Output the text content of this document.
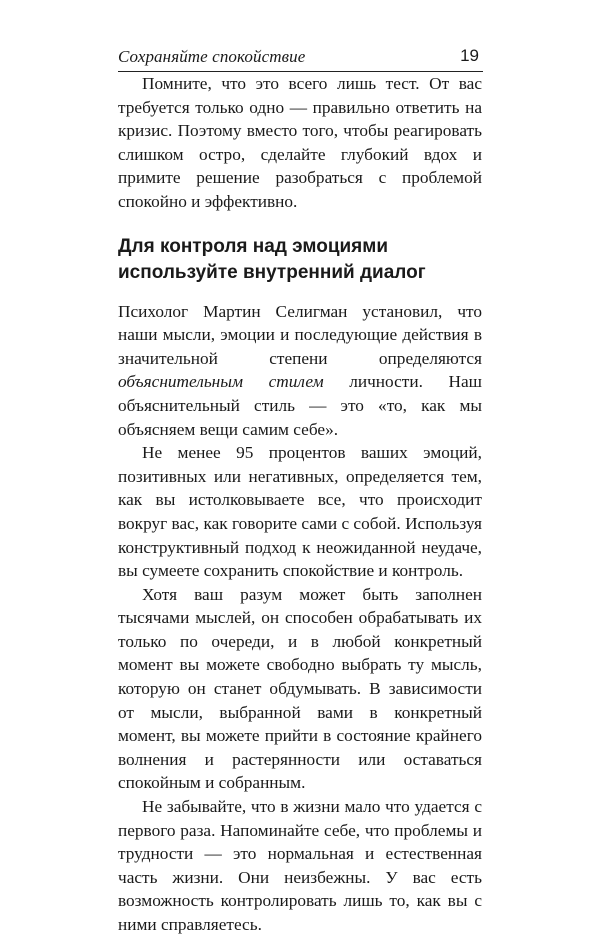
Сохраняйте спокойствие	19

Помните, что это всего лишь тест. От вас требуется только одно — правильно ответить на кризис. Поэтому вместо того, чтобы реагировать слишком остро, сделайте глубокий вдох и примите решение разобраться с проблемой спокойно и эффективно.

Для контроля над эмоциями
используйте внутренний диалог

Психолог Мартин Селигман установил, что наши мысли, эмоции и последующие действия в значительной степени определяются объяснительным стилем личности. Наш объяснительный стиль — это «то, как мы объясняем вещи самим себе».

Не менее 95 процентов ваших эмоций, позитивных или негативных, определяется тем, как вы истолковываете все, что происходит вокруг вас, как говорите сами с собой. Используя конструктивный подход к неожиданной неудаче, вы сумеете сохранить спокойствие и контроль.

Хотя ваш разум может быть заполнен тысячами мыслей, он способен обрабатывать их только по очереди, и в любой конкретный момент вы можете свободно выбрать ту мысль, которую он станет обдумывать. В зависимости от мысли, выбранной вами в конкретный момент, вы можете прийти в состояние крайнего волнения и растерянности или оставаться спокойным и собранным.

Не забывайте, что в жизни мало что удается с первого раза. Напоминайте себе, что проблемы и трудности — это нормальная и естественная часть жизни. Они неизбежны. У вас есть возможность контролировать лишь то, как вы с ними справляетесь.
